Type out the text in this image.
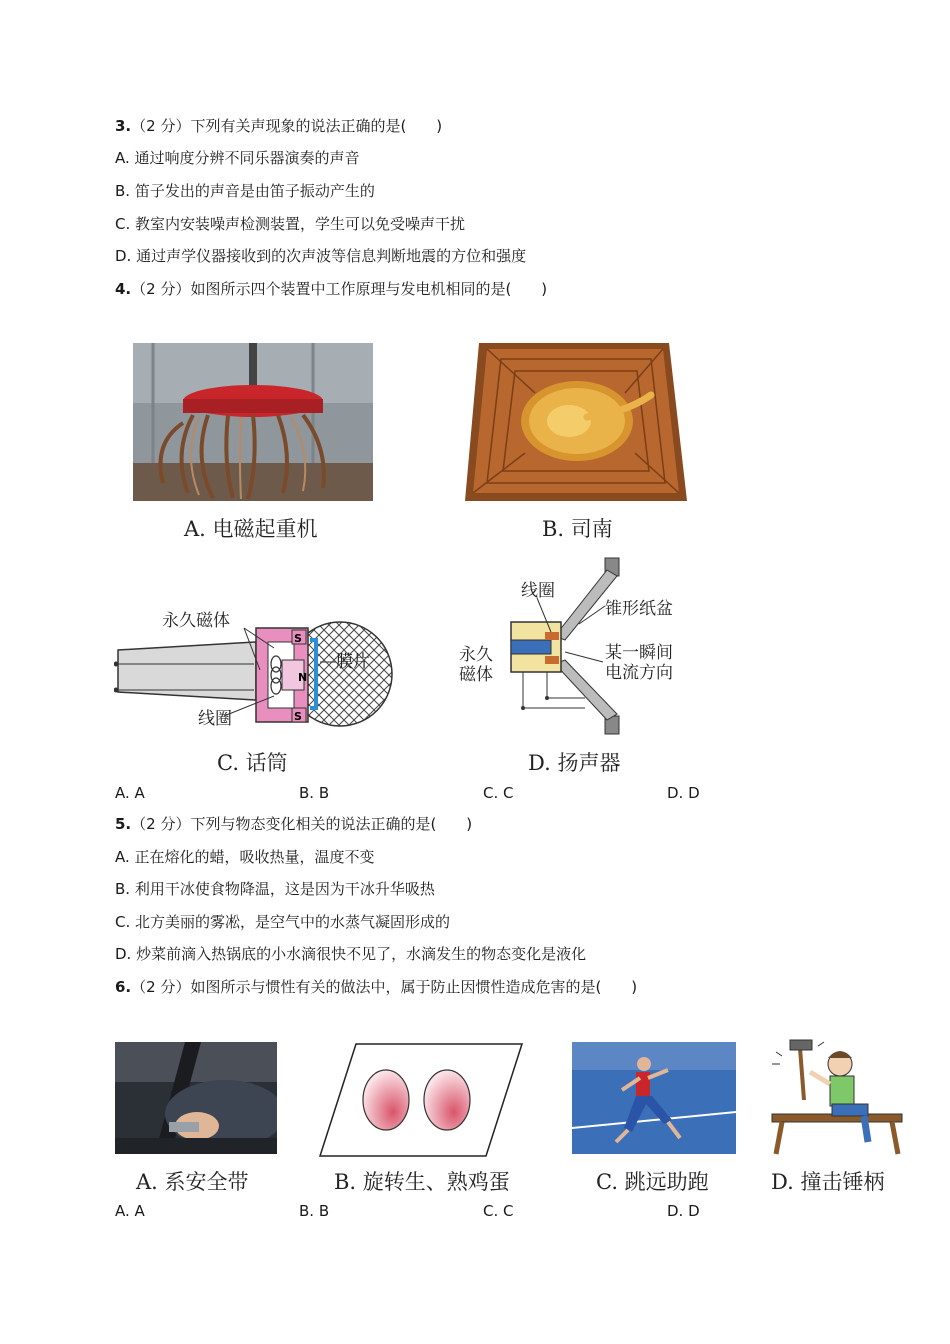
3.（2 分）下列有关声现象的说法正确的是(　　)
A. 通过响度分辨不同乐器演奏的声音
B. 笛子发出的声音是由笛子振动产生的
C. 教室内安装噪声检测装置，学生可以免受噪声干扰
D. 通过声学仪器接收到的次声波等信息判断地震的方位和强度
4.（2 分）如图所示四个装置中工作原理与发电机相同的是(　　)
A. 电磁起重机	B. 司南
S
S
N
永久磁体
膜片
线圈
C. 话筒
线圈
锥形纸盆
永久
磁体
某一瞬间
电流方向
D. 扬声器
A. A	B. B	C. C	D. D
5.（2 分）下列与物态变化相关的说法正确的是(　　)
A. 正在熔化的蜡，吸收热量，温度不变
B. 利用干冰使食物降温，这是因为干冰升华吸热
C. 北方美丽的雾凇，是空气中的水蒸气凝固形成的
D. 炒菜前滴入热锅底的小水滴很快不见了，水滴发生的物态变化是液化
6.（2 分）如图所示与惯性有关的做法中，属于防止因惯性造成危害的是(　　)
A. 系安全带	B. 旋转生、熟鸡蛋	C. 跳远助跑	D. 撞击锤柄
A. A	B. B	C. C	D. D
